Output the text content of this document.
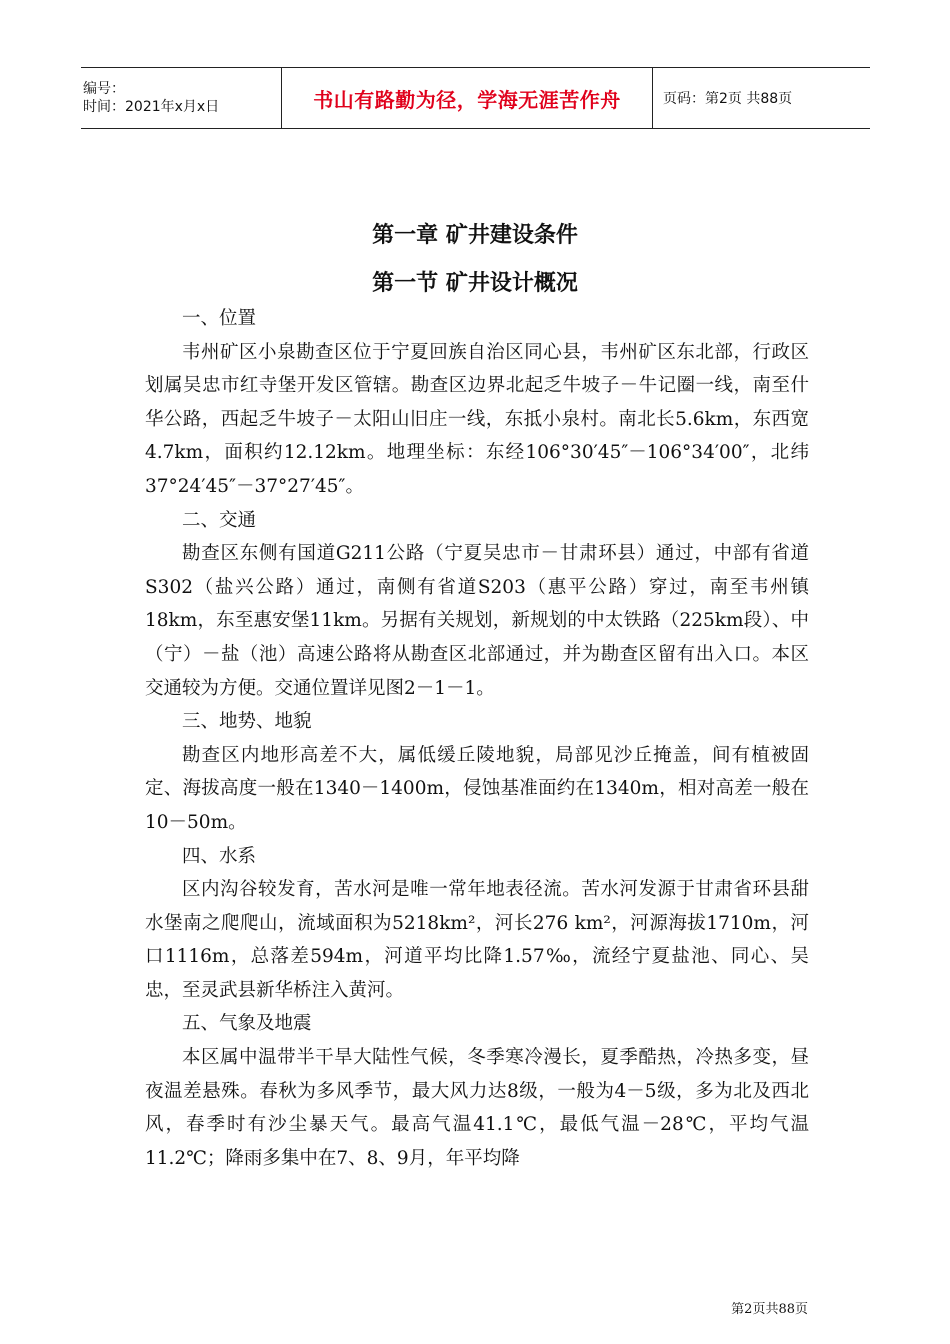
编号：
时间：2021年x月x日	书山有路勤为径，学海无涯苦作舟	页码：第2页 共88页
第一章 矿井建设条件
第一节 矿井设计概况

一、位置

韦州矿区小泉勘查区位于宁夏回族自治区同心县，韦州矿区东北部，行政区划属吴忠市红寺堡开发区管辖。勘查区边界北起乏牛坡子－牛记圈一线，南至什华公路，西起乏牛坡子－太阳山旧庄一线，东抵小泉村。南北长5.6km，东西宽4.7km，面积约12.12km。地理坐标：东经106°30′45″－106°34′00″，北纬37°24′45″－37°27′45″。

二、交通

勘查区东侧有国道G211公路（宁夏吴忠市－甘肃环县）通过，中部有省道S302（盐兴公路）通过，南侧有省道S203（惠平公路）穿过，南至韦州镇18km，东至惠安堡11km。另据有关规划，新规划的中太铁路（225km段）、中（宁）－盐（池）高速公路将从勘查区北部通过，并为勘查区留有出入口。本区交通较为方便。交通位置详见图2－1－1。

三、地势、地貌

勘查区内地形高差不大，属低缓丘陵地貌，局部见沙丘掩盖，间有植被固定、海拔高度一般在1340－1400m，侵蚀基准面约在1340m，相对高差一般在10－50m。

四、水系

区内沟谷较发育，苦水河是唯一常年地表径流。苦水河发源于甘肃省环县甜水堡南之爬爬山，流域面积为5218km²，河长276 km²，河源海拔1710m，河口1116m，总落差594m，河道平均比降1.57‰，流经宁夏盐池、同心、吴忠，至灵武县新华桥注入黄河。

五、气象及地震

本区属中温带半干旱大陆性气候，冬季寒冷漫长，夏季酷热，冷热多变，昼夜温差悬殊。春秋为多风季节，最大风力达8级，一般为4－5级，多为北及西北风，春季时有沙尘暴天气。最高气温41.1℃，最低气温－28℃，平均气温11.2℃；降雨多集中在7、8、9月，年平均降

第2页共88页
